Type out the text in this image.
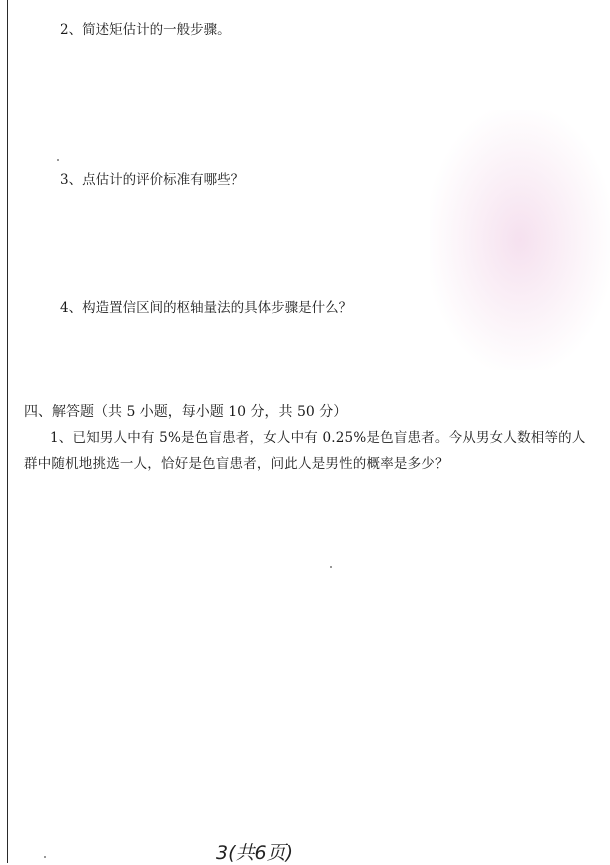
2、简述矩估计的一般步骤。
3、点估计的评价标准有哪些？
4、构造置信区间的枢轴量法的具体步骤是什么？
四、解答题（共 5 小题，每小题 10 分，共 50 分）
1、已知男人中有 5%是色盲患者，女人中有 0.25%是色盲患者。今从男女人数相等的人
群中随机地挑选一人，恰好是色盲患者，问此人是男性的概率是多少？
3(共6页)
